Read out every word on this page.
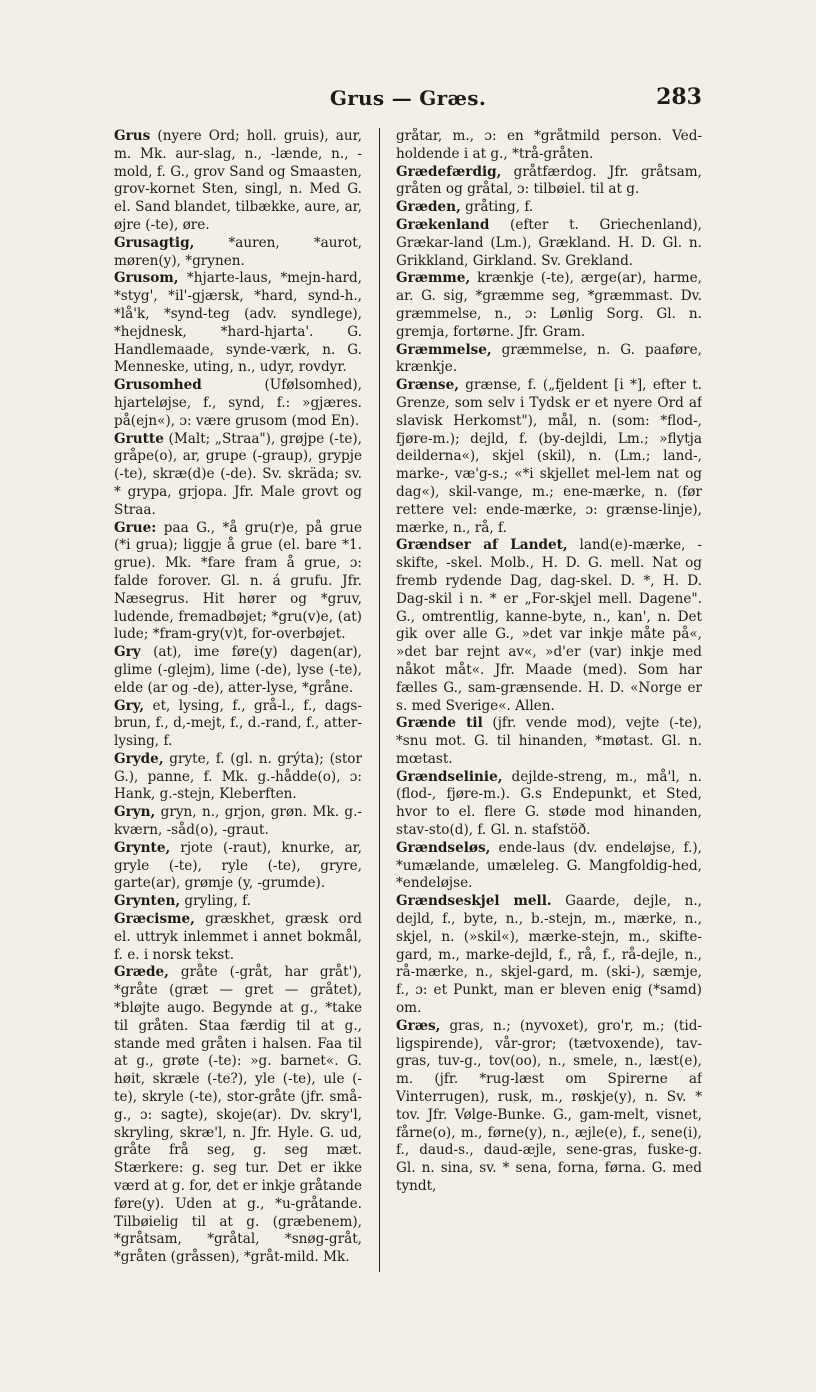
Grus — Græs.	283

Grus (nyere Ord; holl. gruis), aur, m. Mk. aur-slag, n., -lænde, n., -mold, f. G., grov Sand og Smaasten, grov-kornet Sten, singl, n. Med G. el. Sand blandet, tilbække, aure, ar, øjre (-te), øre.

Grusagtig, *auren, *aurot, møren(y), *grynen.

Grusom, *hjarte-laus, *mejn-hard, *styg', *il'-gjærsk, *hard, synd-h., *lå'k, *synd-teg (adv. syndlege), *hejdnesk, *hard-hjarta'. G. Handlemaade, synde-værk, n. G. Menneske, uting, n., udyr, rovdyr.

Grusomhed (Ufølsomhed), hjarteløjse, f., synd, f.: »gjæres. på(ejn«), ɔ: være grusom (mod En).

Grutte (Malt; „Straa"), grøjpe (-te), gråpe(o), ar, grupe (-graup), grypje (-te), skræ(d)e (-de). Sv. skräda; sv. * grypa, grjopa. Jfr. Male grovt og Straa.

Grue: paa G., *å gru(r)e, på grue (*i grua); liggje å grue (el. bare *1. grue). Mk. *fare fram å grue, ɔ: falde forover. Gl. n. á grufu. Jfr. Næsegrus. Hit hører og *gruv, ludende, fremadbøjet; *gru(v)e, (at) lude; *fram-gry(v)t, for-overbøjet.

Gry (at), ime føre(y) dagen(ar), glime (-glejm), lime (-de), lyse (-te), elde (ar og -de), atter-lyse, *gråne.

Gry, et, lysing, f., grå-l., f., dags-brun, f., d,-mejt, f., d.-rand, f., atter-lysing, f.

Gryde, gryte, f. (gl. n. grýta); (stor G.), panne, f. Mk. g.-hådde(o), ɔ: Hank, g.-stejn, Kleberften.

Gryn, gryn, n., grjon, grøn. Mk. g.-kværn, -såd(o), -graut.

Grynte, rjote (-raut), knurke, ar, gryle (-te), ryle (-te), gryre, garte(ar), grømje (y, -grumde).

Grynten, gryling, f.

Græcisme, græskhet, græsk ord el. uttryk inlemmet i annet bokmål, f. e. i norsk tekst.

Græde, gråte (-gråt, har gråt'), *gråte (græt — gret — gråtet), *bløjte augo. Begynde at g., *take til gråten. Staa færdig til at g., stande med gråten i halsen. Faa til at g., grøte (-te): »g. barnet«. G. høit, skræle (-te?), yle (-te), ule (-te), skryle (-te), stor-gråte (jfr. små-g., ɔ: sagte), skoje(ar). Dv. skry'l, skryling, skræ'l, n. Jfr. Hyle. G. ud, gråte frå seg, g. seg mæt. Stærkere: g. seg tur. Det er ikke værd at g. for, det er inkje gråtande føre(y). Uden at g., *u-gråtande. Tilbøielig til at g. (græbenem), *gråtsam, *gråtal, *snøg-gråt, *gråten (gråssen), *gråt-mild. Mk.

gråtar, m., ɔ: en *gråtmild person. Ved-holdende i at g., *trå-gråten.

Grædefærdig, gråtfærdog. Jfr. gråtsam, gråten og gråtal, ɔ: tilbøiel. til at g.

Græden, gråting, f.

Grækenland (efter t. Griechenland), Grækar-land (Lm.), Grækland. H. D. Gl. n. Grikkland, Girkland. Sv. Grekland.

Græmme, krænkje (-te), ærge(ar), harme, ar. G. sig, *græmme seg, *græmmast. Dv. græmmelse, n., ɔ: Lønlig Sorg. Gl. n. gremja, fortørne. Jfr. Gram.

Græmmelse, græmmelse, n. G. paaføre, krænkje.

Grænse, grænse, f. („fjeldent [i *], efter t. Grenze, som selv i Tydsk er et nyere Ord af slavisk Herkomst"), mål, n. (som: *flod-, fjøre-m.); dejld, f. (by-dejldi, Lm.; »flytja deilderna«), skjel (skil), n. (Lm.; land-, marke-, væ'g-s.; «*i skjellet mel-lem nat og dag«), skil-vange, m.; ene-mærke, n. (før rettere vel: ende-mærke, ɔ: grænse-linje), mærke, n., rå, f.

Grændser af Landet, land(e)-mærke, -skifte, -skel. Molb., H. D. G. mell. Nat og fremb rydende Dag, dag-skel. D. *, H. D. Dag-skil i n. * er „For-skjel mell. Dagene". G., omtrentlig, kanne-byte, n., kan', n. Det gik over alle G., »det var inkje måte på«, »det bar rejnt av«, »d'er (var) inkje med nåkot måt«. Jfr. Maade (med). Som har fælles G., sam-grænsende. H. D. «Norge er s. med Sverige«. Allen.

Grænde til (jfr. vende mod), vejte (-te), *snu mot. G. til hinanden, *møtast. Gl. n. mœtast.

Grændselinie, dejlde-streng, m., må'l, n. (flod-, fjøre-m.). G.s Endepunkt, et Sted, hvor to el. flere G. støde mod hinanden, stav-sto(d), f. Gl. n. stafstöð.

Grændseløs, ende-laus (dv. endeløjse, f.), *umælande, umæleleg. G. Mangfoldig-hed, *endeløjse.

Grændseskjel mell. Gaarde, dejle, n., dejld, f., byte, n., b.-stejn, m., mærke, n., skjel, n. (»skil«), mærke-stejn, m., skifte-gard, m., marke-dejld, f., rå, f., rå-dejle, n., rå-mærke, n., skjel-gard, m. (ski-), sæmje, f., ɔ: et Punkt, man er bleven enig (*samd) om.

Græs, gras, n.; (nyvoxet), gro'r, m.; (tid-ligspirende), vår-gror; (tætvoxende), tav-gras, tuv-g., tov(oo), n., smele, n., læst(e), m. (jfr. *rug-læst om Spirerne af Vinterrugen), rusk, m., røskje(y), n. Sv. * tov. Jfr. Vølge-Bunke. G., gam-melt, visnet, fårne(o), m., førne(y), n., æjle(e), f., sene(i), f., daud-s., daud-æjle, sene-gras, fuske-g. Gl. n. sina, sv. * sena, forna, førna. G. med tyndt,
